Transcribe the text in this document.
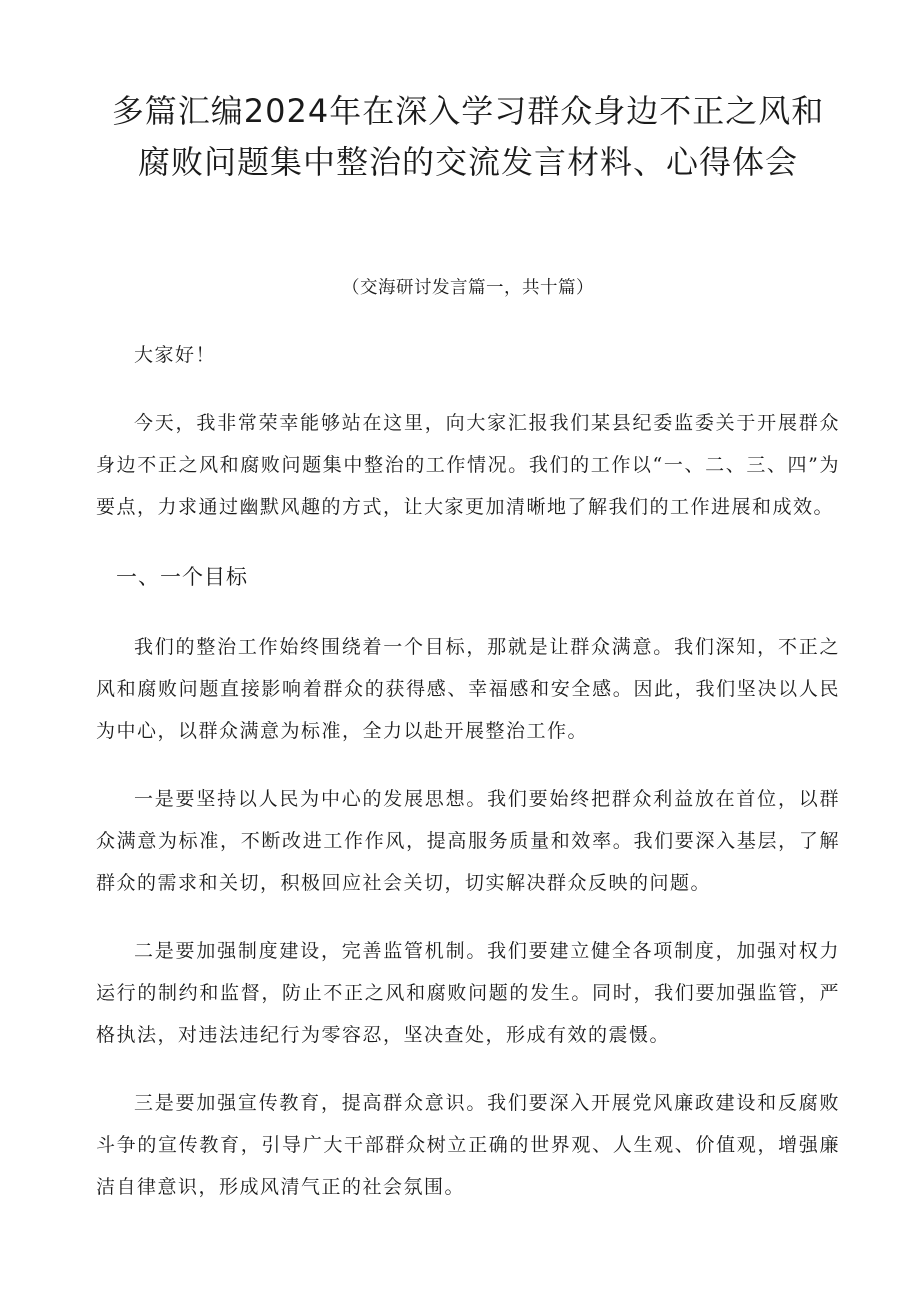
多篇汇编2024年在深入学习群众身边不正之风和腐败问题集中整治的交流发言材料、心得体会

（交海研讨发言篇一，共十篇）

大家好！

今天，我非常荣幸能够站在这里，向大家汇报我们某县纪委监委关于开展群众身边不正之风和腐败问题集中整治的工作情况。我们的工作以“一、二、三、四”为要点，力求通过幽默风趣的方式，让大家更加清晰地了解我们的工作进展和成效。

一、一个目标

我们的整治工作始终围绕着一个目标，那就是让群众满意。我们深知，不正之风和腐败问题直接影响着群众的获得感、幸福感和安全感。因此，我们坚决以人民为中心，以群众满意为标准，全力以赴开展整治工作。

一是要坚持以人民为中心的发展思想。我们要始终把群众利益放在首位，以群众满意为标准，不断改进工作作风，提高服务质量和效率。我们要深入基层，了解群众的需求和关切，积极回应社会关切，切实解决群众反映的问题。

二是要加强制度建设，完善监管机制。我们要建立健全各项制度，加强对权力运行的制约和监督，防止不正之风和腐败问题的发生。同时，我们要加强监管，严格执法，对违法违纪行为零容忍，坚决查处，形成有效的震慑。

三是要加强宣传教育，提高群众意识。我们要深入开展党风廉政建设和反腐败斗争的宣传教育，引导广大干部群众树立正确的世界观、人生观、价值观，增强廉洁自律意识，形成风清气正的社会氛围。
